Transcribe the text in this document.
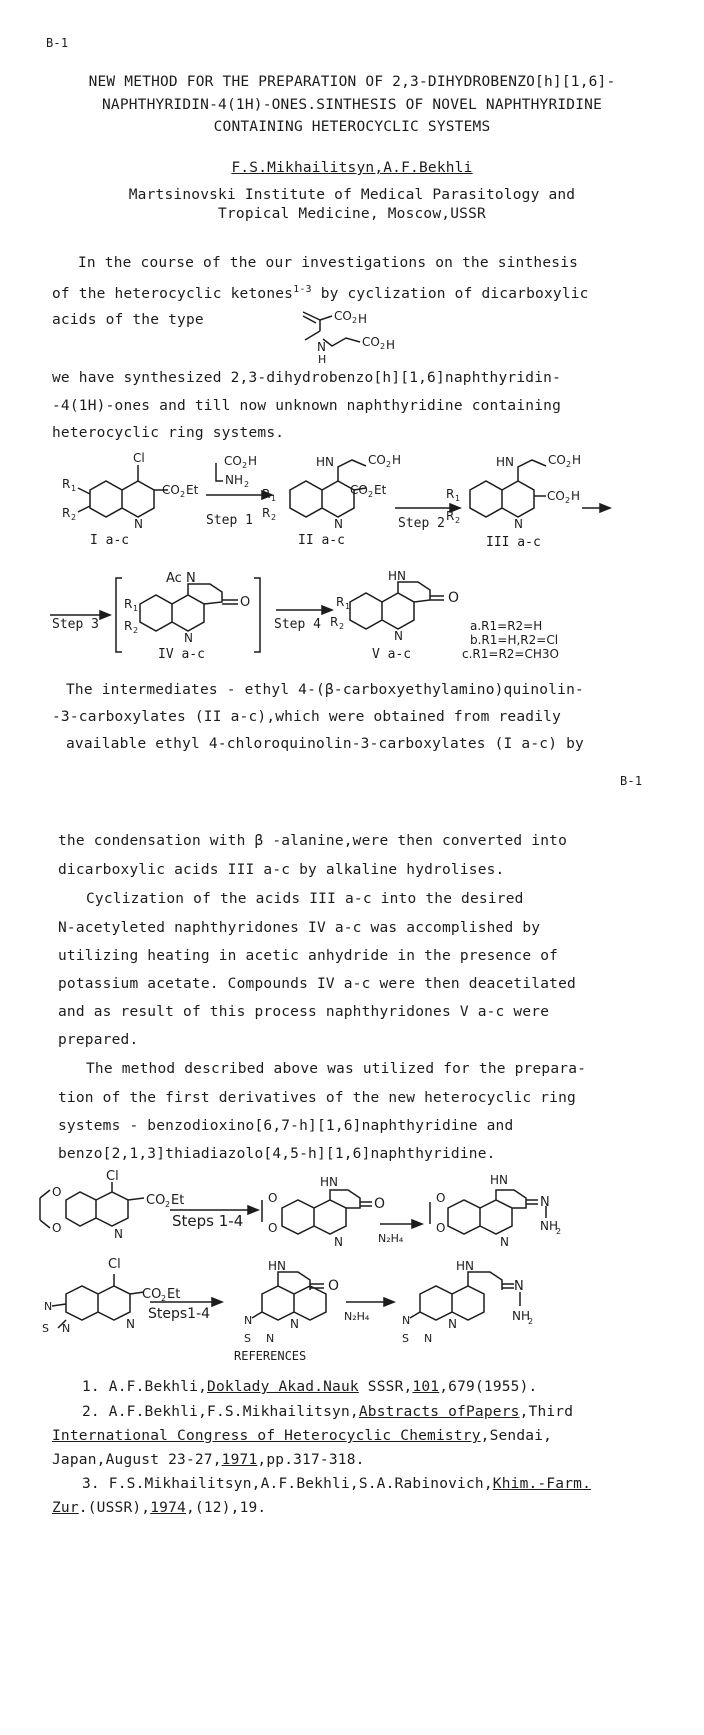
B-1
B-1
NEW METHOD FOR THE PREPARATION OF 2,3-DIHYDROBENZO[h][1,6]-
NAPHTHYRIDIN-4(1H)-ONES.SINTHESIS OF NOVEL NAPHTHYRIDINE
CONTAINING HETEROCYCLIC SYSTEMS
F.S.Mikhailitsyn,A.F.Bekhli
Martsinovski Institute of Medical Parasitology and
Tropical Medicine, Moscow,USSR
In the course of the our investigations on the sinthesis
of the heterocyclic ketones$^{1-3}$ by cyclization of dicarboxylic
acids of the type	CO 2 H
CO 2 H
N
H
we have synthesized 2,3-dihydrobenzo[h][1,6]naphthyridin-
-4(1H)-ones and till now unknown naphthyridine containing
heterocyclic ring systems.
Cl
CO 2 Et
R 1
R 2	N
CO 2 H
NH 2
HN	CO 2 H
CO 2 Et
R 1
R 2	N
HN	CO 2 H
CO 2 H
R 1
R 2	N
I a-c	II a-c	III a-c
Step 1	Step 2
Step 3
Ac N
O
R 1
R 2
N
IV a-c
Step 4
HN
O
R 1
R 2
N
V a-c
a.R1=R2=H
b.R1=H,R2=Cl
c.R1=R2=CH3O
The intermediates - ethyl 4-(β-carboxyethylamino)quinolin-
-3-carboxylates (II a-c),which were obtained from readily
available ethyl 4-chloroquinolin-3-carboxylates (I a-c) by
the condensation with β -alanine,were then converted into
dicarboxylic acids III a-c by alkaline hydrolises.
Cyclization of the acids III a-c into the desired
N-acetyleted naphthyridones IV a-c was accomplished by
utilizing heating in acetic anhydride in the presence of
potassium acetate. Compounds IV a-c were then deacetilated
and as result of this process naphthyridones V a-c were
prepared.
The method described above was utilized for the prepara-
tion of the first derivatives of the new heterocyclic ring
systems - benzodioxino[6,7-h][1,6]naphthyridine and
benzo[2,1,3]thiadiazolo[4,5-h][1,6]naphthyridine.
O
O
Cl
CO 2 Et
N
Steps 1-4
O
O
HN
O
N	N₂H₄
O
O
HN
N
NH
2
N
Cl
CO 2 Et
N
S N	N
Steps1-4
HN
O
N
S N
N
N₂H₄
HN
N
NH
2
N
S N
N
REFERENCES
1. A.F.Bekhli,Doklady Akad.Nauk SSSR,101,679(1955).
2. A.F.Bekhli,F.S.Mikhailitsyn,Abstracts ofPapers,Third
International Congress of Heterocyclic Chemistry,Sendai,
Japan,August 23-27,1971,pp.317-318.
3. F.S.Mikhailitsyn,A.F.Bekhli,S.A.Rabinovich,Khim.-Farm.
Zur.(USSR),1974,(12),19.
